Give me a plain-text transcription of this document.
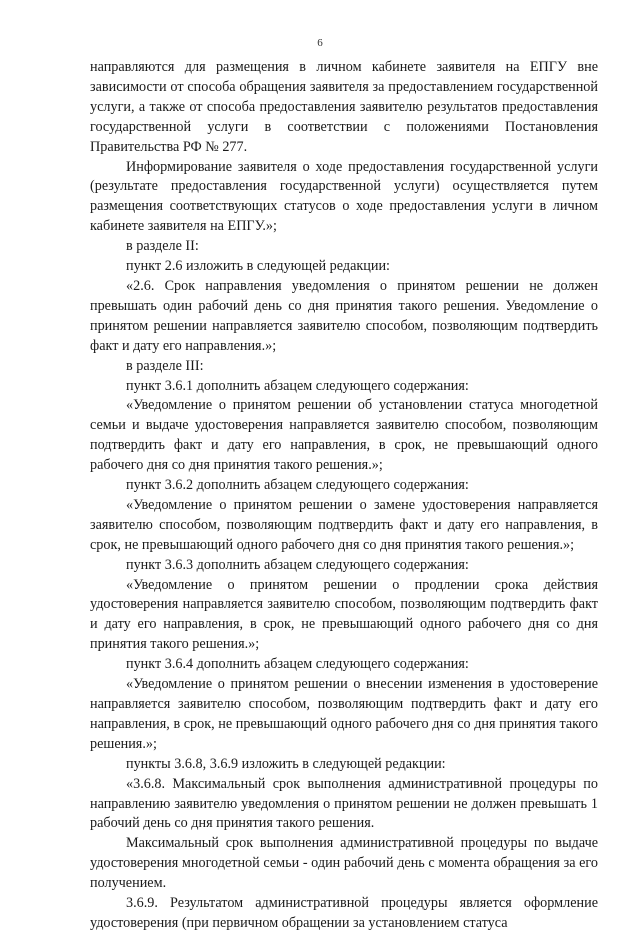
6

направляются для размещения в личном кабинете заявителя на ЕПГУ вне зависимости от способа обращения заявителя за предоставлением государственной услуги, а также от способа предоставления заявителю результатов предоставления государственной услуги в соответствии с положениями Постановления Правительства РФ № 277.

Информирование заявителя о ходе предоставления государственной услуги (результате предоставления государственной услуги) осуществляется путем размещения соответствующих статусов о ходе предоставления услуги в личном кабинете заявителя на ЕПГУ.»;

в разделе II:

пункт 2.6 изложить в следующей редакции:

«2.6. Срок направления уведомления о принятом решении не должен превышать один рабочий день со дня принятия такого решения. Уведомление о принятом решении направляется заявителю способом, позволяющим подтвердить факт и дату его направления.»;

в разделе III:

пункт 3.6.1 дополнить абзацем следующего содержания:

«Уведомление о принятом решении об установлении статуса многодетной семьи и выдаче удостоверения направляется заявителю способом, позволяющим подтвердить факт и дату его направления, в срок, не превышающий одного рабочего дня со дня принятия такого решения.»;

пункт 3.6.2 дополнить абзацем следующего содержания:

«Уведомление о принятом решении о замене удостоверения направляется заявителю способом, позволяющим подтвердить факт и дату его направления, в срок, не превышающий одного рабочего дня со дня принятия такого решения.»;

пункт 3.6.3 дополнить абзацем следующего содержания:

«Уведомление о принятом решении о продлении срока действия удостоверения направляется заявителю способом, позволяющим подтвердить факт и дату его направления, в срок, не превышающий одного рабочего дня со дня принятия такого решения.»;

пункт 3.6.4 дополнить абзацем следующего содержания:

«Уведомление о принятом решении о внесении изменения в удостоверение направляется заявителю способом, позволяющим подтвердить факт и дату его направления, в срок, не превышающий одного рабочего дня со дня принятия такого решения.»;

пункты 3.6.8, 3.6.9 изложить в следующей редакции:

«3.6.8. Максимальный срок выполнения административной процедуры по направлению заявителю уведомления о принятом решении не должен превышать 1 рабочий день со дня принятия такого решения.

Максимальный срок выполнения административной процедуры по выдаче удостоверения многодетной семьи - один рабочий день с момента обращения за его получением.

3.6.9. Результатом административной процедуры является оформление удостоверения (при первичном обращении за установлением статуса
